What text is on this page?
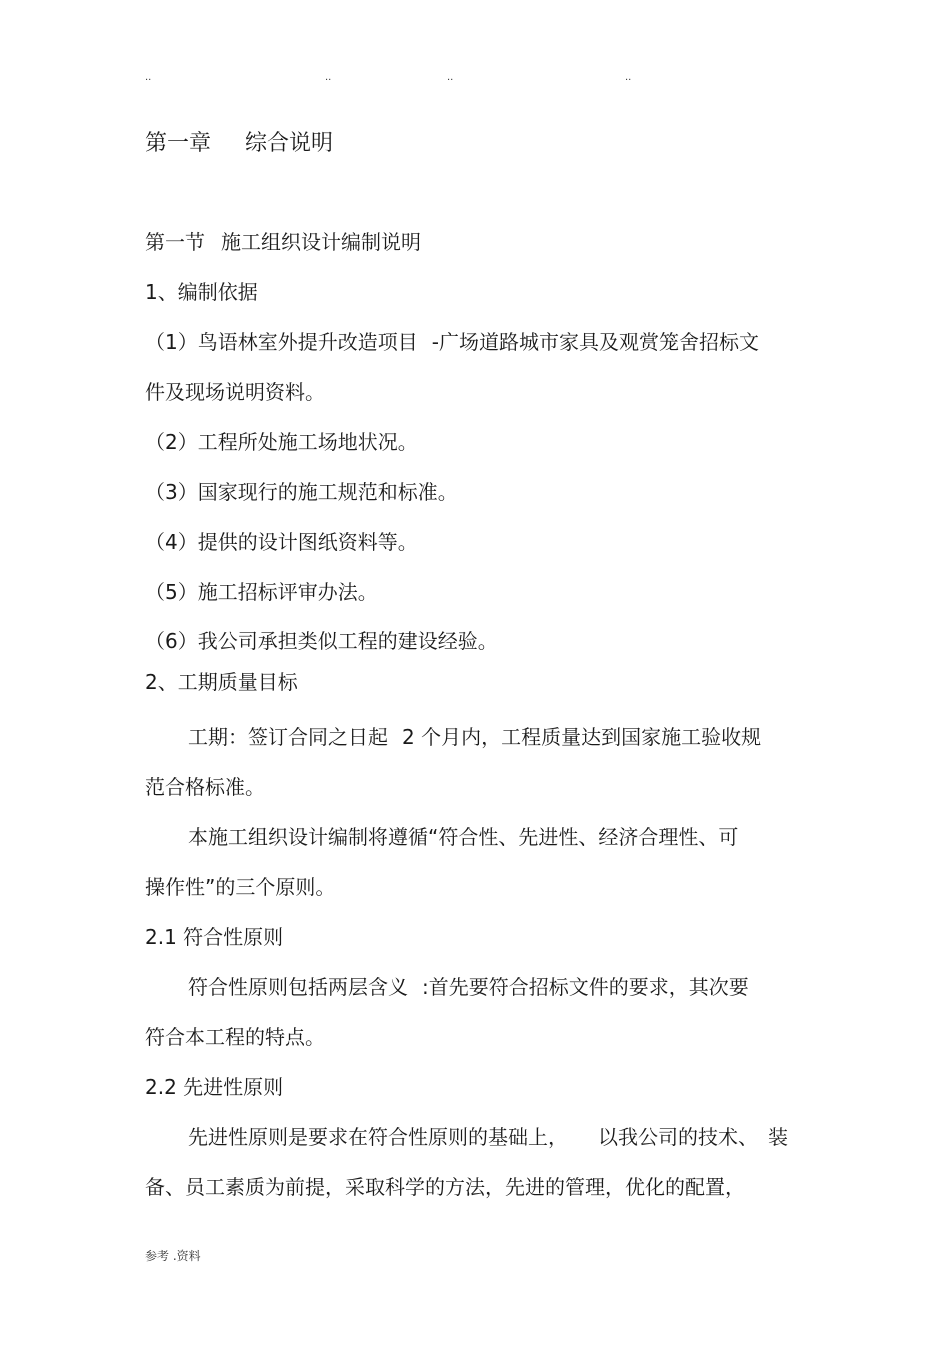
..	..	..	..
第一章 综合说明
第一节 施工组织设计编制说明
1、编制依据
（1）鸟语林室外提升改造项目 -广场道路城市家具及观赏笼舍招标文
件及现场说明资料。
（2）工程所处施工场地状况。
（3）国家现行的施工规范和标准。
（4）提供的设计图纸资料等。
（5）施工招标评审办法。
（6）我公司承担类似工程的建设经验。
2、工期质量目标
工期：签订合同之日起 2 个月内，工程质量达到国家施工验收规
范合格标准。
本施工组织设计编制将遵循“符合性、先进性、经济合理性、可
操作性”的三个原则。
2.1 符合性原则
符合性原则包括两层含义 :首先要符合招标文件的要求，其次要
符合本工程的特点。
2.2 先进性原则
先进性原则是要求在符合性原则的基础上， 以我公司的技术、 装
备、员工素质为前提，采取科学的方法，先进的管理，优化的配置，
参考 .资料
